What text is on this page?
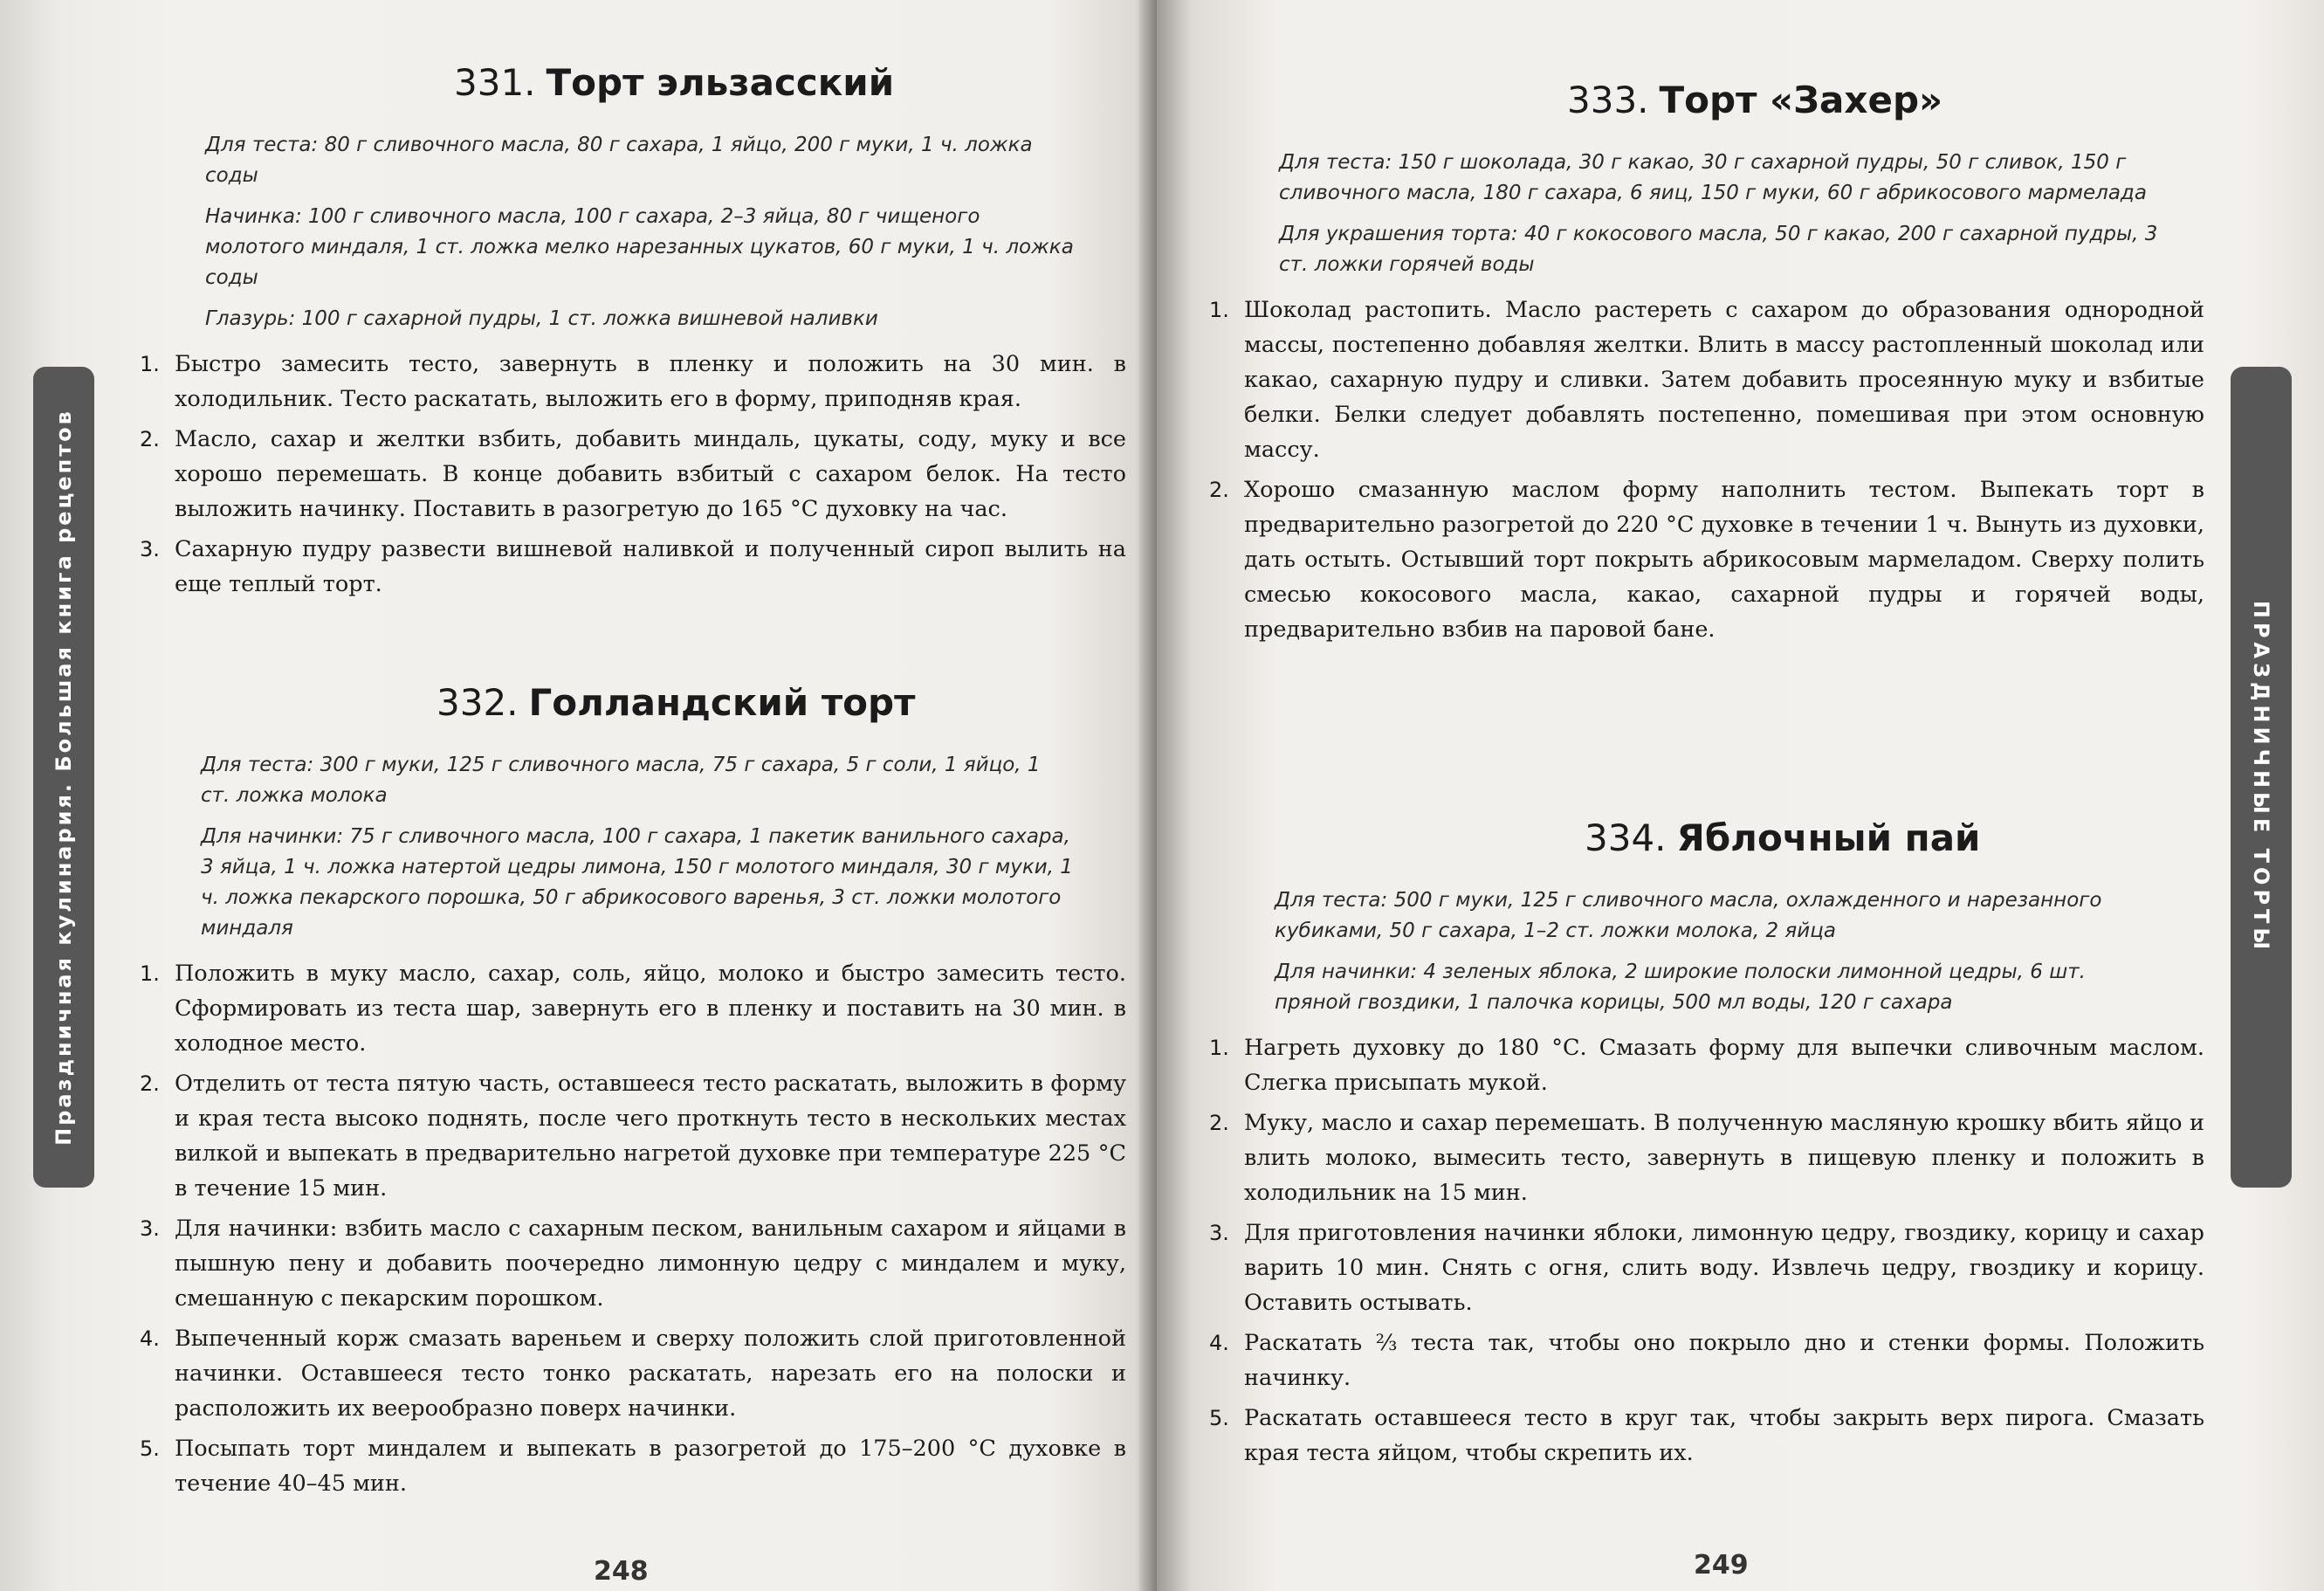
Праздничная кулинария. Большая книга рецептов
331. Торт эльзасский

Для теста: 80 г сливочного масла, 80 г сахара, 1 яйцо, 200 г муки, 1 ч. ложка соды

Начинка: 100 г сливочного масла, 100 г сахара, 2–3 яйца, 80 г чищеного молотого миндаля, 1 ст. ложка мелко нарезанных цукатов, 60 г муки, 1 ч. ложка соды

Глазурь: 100 г сахарной пудры, 1 ст. ложка вишневой наливки

1. Быстро замесить тесто, завернуть в пленку и положить на 30 мин. в холодильник. Тесто раскатать, выложить его в форму, приподняв края.
2. Масло, сахар и желтки взбить, добавить миндаль, цукаты, соду, муку и все хорошо перемешать. В конце добавить взбитый с сахаром белок. На тесто выложить начинку. Поставить в разогретую до 165 °С духовку на час.
3. Сахарную пудру развести вишневой наливкой и полученный сироп вылить на еще теплый торт.
332. Голландский торт

Для теста: 300 г муки, 125 г сливочного масла, 75 г сахара, 5 г соли, 1 яйцо, 1 ст. ложка молока

Для начинки: 75 г сливочного масла, 100 г сахара, 1 пакетик ванильного сахара, 3 яйца, 1 ч. ложка натертой цедры лимона, 150 г молотого миндаля, 30 г муки, 1 ч. ложка пекарского порошка, 50 г абрикосового варенья, 3 ст. ложки молотого миндаля

1. Положить в муку масло, сахар, соль, яйцо, молоко и быстро замесить тесто. Сформировать из теста шар, завернуть его в пленку и поставить на 30 мин. в холодное место.
2. Отделить от теста пятую часть, оставшееся тесто раскатать, выложить в форму и края теста высоко поднять, после чего проткнуть тесто в нескольких местах вилкой и выпекать в предварительно нагретой духовке при температуре 225 °С в течение 15 мин.
3. Для начинки: взбить масло с сахарным песком, ванильным сахаром и яйцами в пышную пену и добавить поочередно лимонную цедру с миндалем и муку, смешанную с пекарским порошком.
4. Выпеченный корж смазать вареньем и сверху положить слой приготовленной начинки. Оставшееся тесто тонко раскатать, нарезать его на полоски и расположить их веерообразно поверх начинки.
5. Посыпать торт миндалем и выпекать в разогретой до 175–200 °С духовке в течение 40–45 мин.
248
333. Торт «Захер»

Для теста: 150 г шоколада, 30 г какао, 30 г сахарной пудры, 50 г сливок, 150 г сливочного масла, 180 г сахара, 6 яиц, 150 г муки, 60 г абрикосового мармелада

Для украшения торта: 40 г кокосового масла, 50 г какао, 200 г сахарной пудры, 3 ст. ложки горячей воды

1. Шоколад растопить. Масло растереть с сахаром до образования однородной массы, постепенно добавляя желтки. Влить в массу растопленный шоколад или какао, сахарную пудру и сливки. Затем добавить просеянную муку и взбитые белки. Белки следует добавлять постепенно, помешивая при этом основную массу.
2. Хорошо смазанную маслом форму наполнить тестом. Выпекать торт в предварительно разогретой до 220 °С духовке в течении 1 ч. Вынуть из духовки, дать остыть. Остывший торт покрыть абрикосовым мармеладом. Сверху полить смесью кокосового масла, какао, сахарной пудры и горячей воды, предварительно взбив на паровой бане.
334. Яблочный пай

Для теста: 500 г муки, 125 г сливочного масла, охлажденного и нарезанного кубиками, 50 г сахара, 1–2 ст. ложки молока, 2 яйца

Для начинки: 4 зеленых яблока, 2 широкие полоски лимонной цедры, 6 шт. пряной гвоздики, 1 палочка корицы, 500 мл воды, 120 г сахара

1. Нагреть духовку до 180 °С. Смазать форму для выпечки сливочным маслом. Слегка присыпать мукой.
2. Муку, масло и сахар перемешать. В полученную масляную крошку вбить яйцо и влить молоко, вымесить тесто, завернуть в пищевую пленку и положить в холодильник на 15 мин.
3. Для приготовления начинки яблоки, лимонную цедру, гвоздику, корицу и сахар варить 10 мин. Снять с огня, слить воду. Извлечь цедру, гвоздику и корицу. Оставить остывать.
4. Раскатать ⅔ теста так, чтобы оно покрыло дно и стенки формы. Положить начинку.
5. Раскатать оставшееся тесто в круг так, чтобы закрыть верх пирога. Смазать края теста яйцом, чтобы скрепить их.
249
ПРАЗДНИЧНЫЕ ТОРТЫ
